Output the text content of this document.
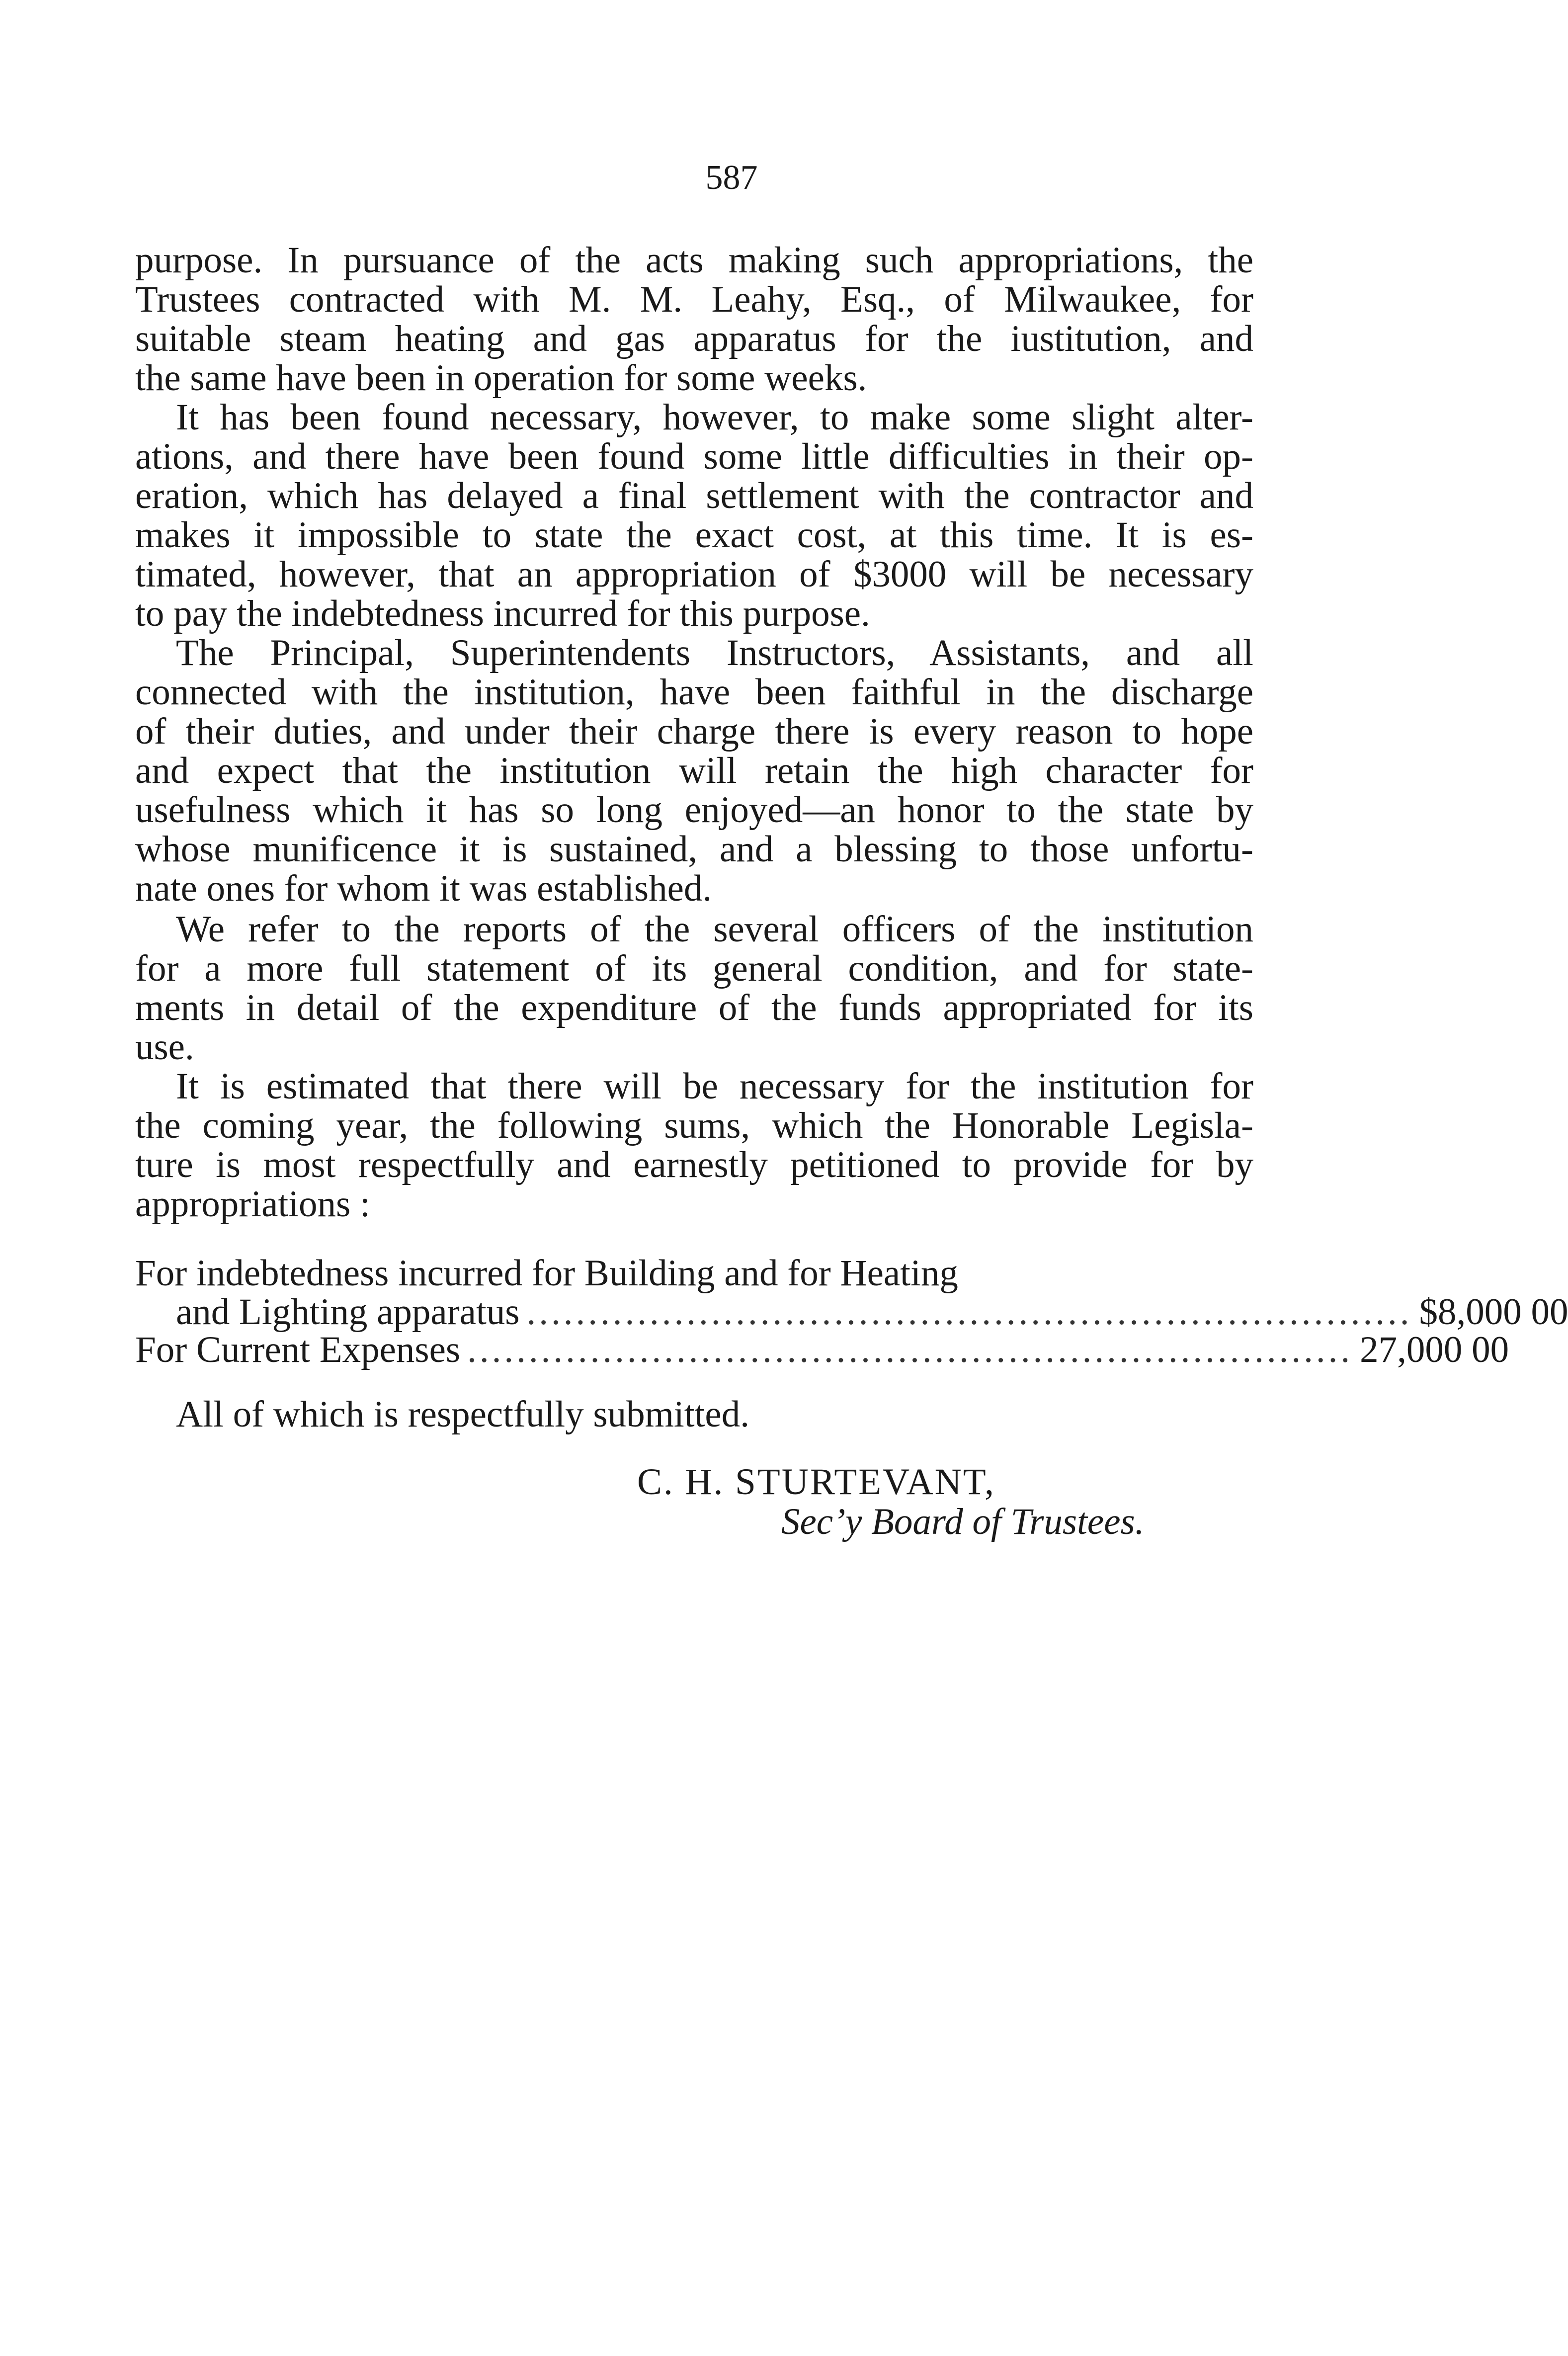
587

purpose. In pursuance of the acts making such appropriations, the
Trustees contracted with M. M. Leahy, Esq., of Milwaukee, for
suitable steam heating and gas apparatus for the iustitution, and
the same have been in operation for some weeks.

It has been found necessary, however, to make some slight alter-
ations, and there have been found some little difficulties in their op-
eration, which has delayed a final settlement with the contractor and
makes it impossible to state the exact cost, at this time. It is es-
timated, however, that an appropriation of $3000 will be necessary
to pay the indebtedness incurred for this purpose.

The Principal, Superintendents Instructors, Assistants, and all
connected with the institution, have been faithful in the discharge
of their duties, and under their charge there is every reason to hope
and expect that the institution will retain the high character for
usefulness which it has so long enjoyed—an honor to the state by
whose munificence it is sustained, and a blessing to those unfortu-
nate ones for whom it was established.

We refer to the reports of the several officers of the institution
for a more full statement of its general condition, and for state-
ments in detail of the expenditure of the funds appropriated for its
use.

It is estimated that there will be necessary for the institution for
the coming year, the following sums, which the Honorable Legisla-
ture is most respectfully and earnestly petitioned to provide for by
appropriations :

For indebtedness incurred for Building and for Heating
and Lighting apparatus ........................................................................ $8,000 00
For Current Expenses ........................................................................ 27,000 00
All of which is respectfully submitted.
C. H. STURTEVANT,
Sec’y Board of Trustees.
